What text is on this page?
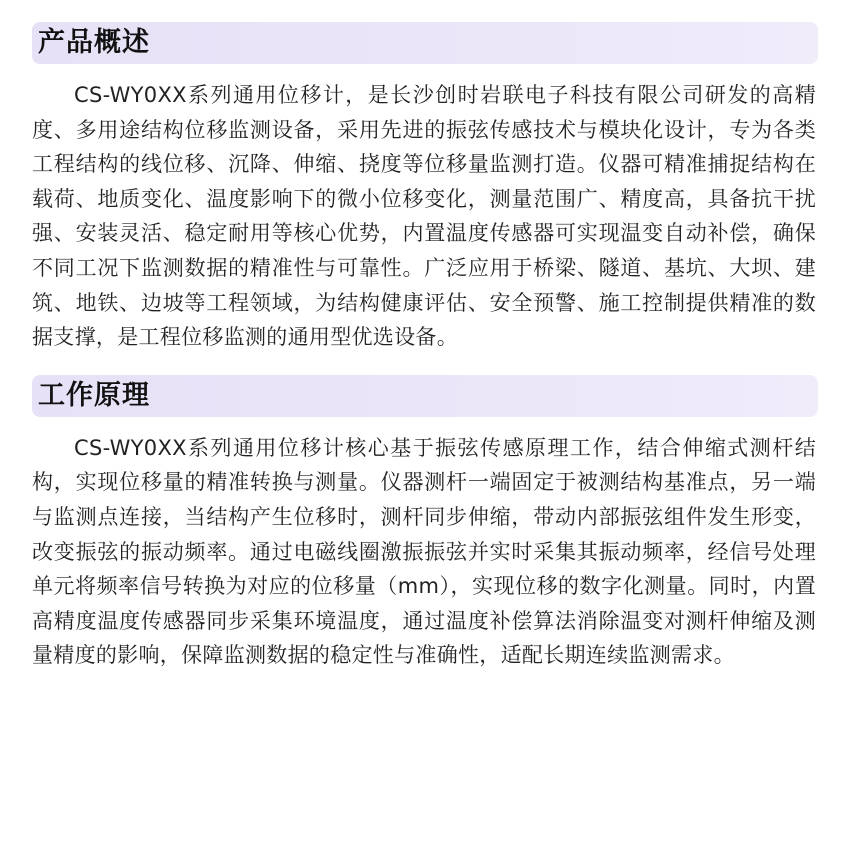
产品概述

CS-WY0XX系列通用位移计，是长沙创时岩联电子科技有限公司研发的高精度、多用途结构位移监测设备，采用先进的振弦传感技术与模块化设计，专为各类工程结构的线位移、沉降、伸缩、挠度等位移量监测打造。仪器可精准捕捉结构在载荷、地质变化、温度影响下的微小位移变化，测量范围广、精度高，具备抗干扰强、安装灵活、稳定耐用等核心优势，内置温度传感器可实现温变自动补偿，确保不同工况下监测数据的精准性与可靠性。广泛应用于桥梁、隧道、基坑、大坝、建筑、地铁、边坡等工程领域，为结构健康评估、安全预警、施工控制提供精准的数据支撑，是工程位移监测的通用型优选设备。

工作原理

CS-WY0XX系列通用位移计核心基于振弦传感原理工作，结合伸缩式测杆结构，实现位移量的精准转换与测量。仪器测杆一端固定于被测结构基准点，另一端与监测点连接，当结构产生位移时，测杆同步伸缩，带动内部振弦组件发生形变，改变振弦的振动频率。通过电磁线圈激振振弦并实时采集其振动频率，经信号处理单元将频率信号转换为对应的位移量（mm），实现位移的数字化测量。同时，内置高精度温度传感器同步采集环境温度，通过温度补偿算法消除温变对测杆伸缩及测量精度的影响，保障监测数据的稳定性与准确性，适配长期连续监测需求。
